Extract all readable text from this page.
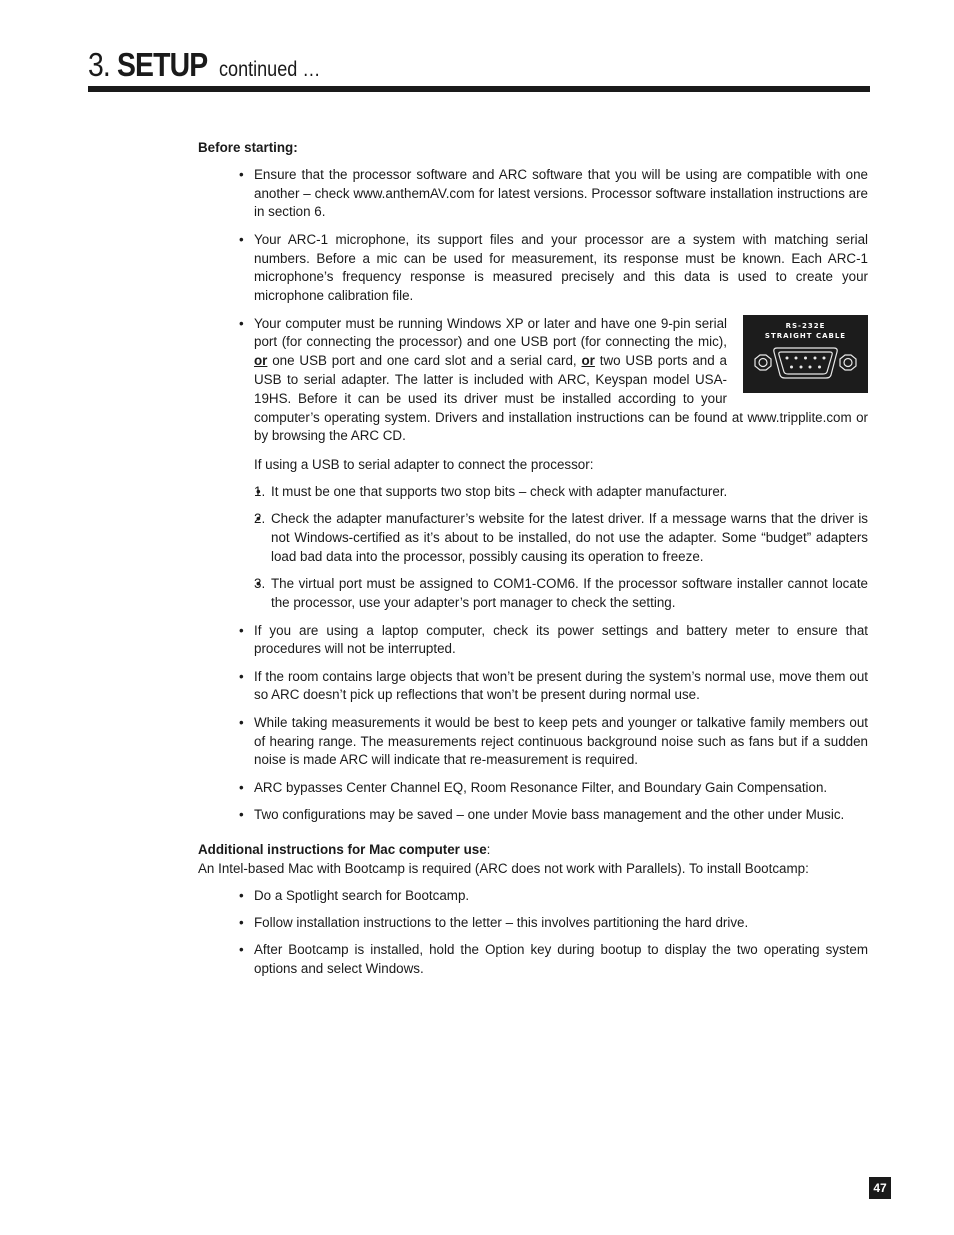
3. SETUP continued …
Before starting:
• Ensure that the processor software and ARC software that you will be using are compatible with one another – check www.anthemAV.com for latest versions. Processor software installation instructions are in section 6.
• Your ARC-1 microphone, its support files and your processor are a system with matching serial numbers. Before a mic can be used for measurement, its response must be known. Each ARC-1 microphone’s frequency response is measured precisely and this data is used to create your microphone calibration file.
• RS-232E
STRAIGHT CABLE
Your computer must be running Windows XP or later and have one 9-pin serial port (for connecting the processor) and one USB port (for connecting the mic), or one USB port and one card slot and a serial card, or two USB ports and a USB to serial adapter. The latter is included with ARC, Keyspan model USA-19HS. Before it can be used its driver must be installed according to your computer’s operating system. Drivers and installation instructions can be found at www.tripplite.com or by browsing the ARC CD.
If using a USB to serial adapter to connect the processor:
• 1. It must be one that supports two stop bits – check with adapter manufacturer.
• 2. Check the adapter manufacturer’s website for the latest driver. If a message warns that the driver is not Windows-certified as it’s about to be installed, do not use the adapter. Some “budget” adapters load bad data into the processor, possibly causing its operation to freeze.
• 3. The virtual port must be assigned to COM1-COM6. If the processor software installer cannot locate the processor, use your adapter’s port manager to check the setting.
• If you are using a laptop computer, check its power settings and battery meter to ensure that procedures will not be interrupted.
• If the room contains large objects that won’t be present during the system’s normal use, move them out so ARC doesn’t pick up reflections that won’t be present during normal use.
• While taking measurements it would be best to keep pets and younger or talkative family members out of hearing range. The measurements reject continuous background noise such as fans but if a sudden noise is made ARC will indicate that re-measurement is required.
• ARC bypasses Center Channel EQ, Room Resonance Filter, and Boundary Gain Compensation.
• Two configurations may be saved – one under Movie bass management and the other under Music.
Additional instructions for Mac computer use:
An Intel-based Mac with Bootcamp is required (ARC does not work with Parallels). To install Bootcamp:
• Do a Spotlight search for Bootcamp.
• Follow installation instructions to the letter – this involves partitioning the hard drive.
• After Bootcamp is installed, hold the Option key during bootup to display the two operating system options and select Windows.
47
